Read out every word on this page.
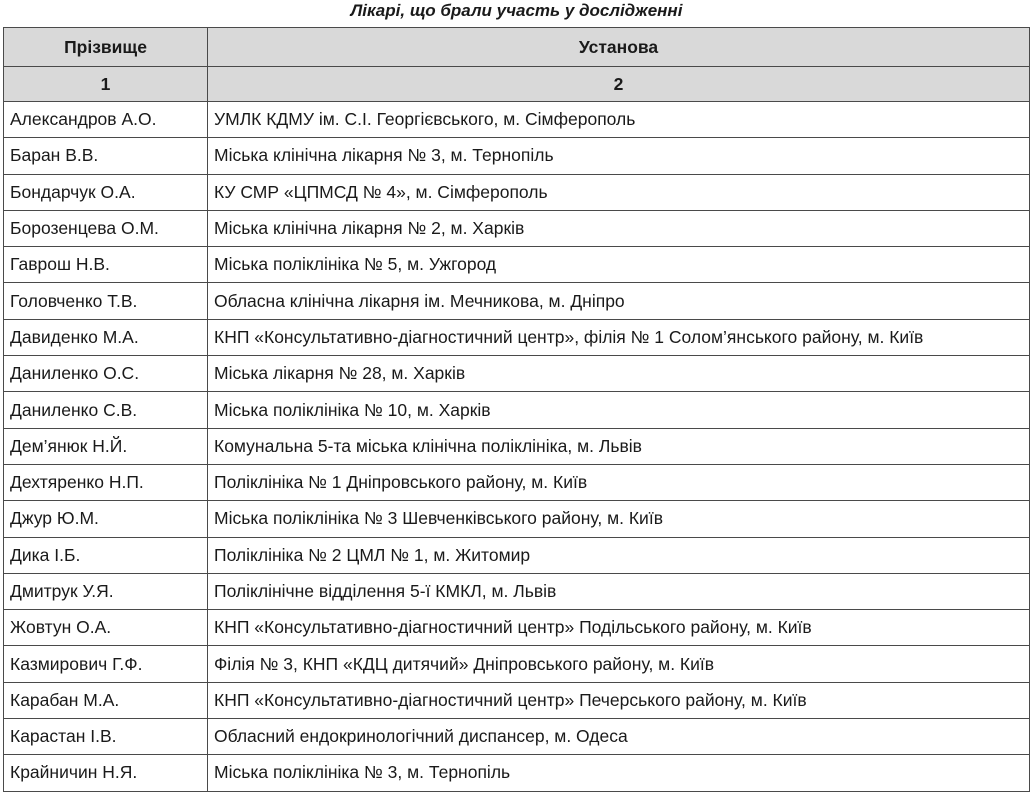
Лікарі, що брали участь у дослідженні
Прізвище	Установа
1	2
Александров А.О.	УМЛК КДМУ ім. С.І. Георгієвського, м. Сімферополь
Баран В.В.	Міська клінічна лікарня № 3, м. Тернопіль
Бондарчук О.А.	КУ СМР «ЦПМСД № 4», м. Сімферополь
Борозенцева О.М.	Міська клінічна лікарня № 2, м. Харків
Гаврош Н.В.	Міська поліклініка № 5, м. Ужгород
Головченко Т.В.	Обласна клінічна лікарня ім. Мечникова, м. Дніпро
Давиденко М.А.	КНП «Консультативно-діагностичний центр», філія № 1 Солом’янського району, м. Київ
Даниленко О.С.	Міська лікарня № 28, м. Харків
Даниленко С.В.	Міська поліклініка № 10, м. Харків
Дем’янюк Н.Й.	Комунальна 5-та міська клінічна поліклініка, м. Львів
Дехтяренко Н.П.	Поліклініка № 1 Дніпровського району, м. Київ
Джур Ю.М.	Міська поліклініка № 3 Шевченківського району, м. Київ
Дика І.Б.	Поліклініка № 2 ЦМЛ № 1, м. Житомир
Дмитрук У.Я.	Поліклінічне відділення 5-ї КМКЛ, м. Львів
Жовтун О.А.	КНП «Консультативно-діагностичний центр» Подільського району, м. Київ
Казмирович Г.Ф.	Філія № 3, КНП «КДЦ дитячий» Дніпровського району, м. Київ
Карабан М.А.	КНП «Консультативно-діагностичний центр» Печерського району, м. Київ
Карастан І.В.	Обласний ендокринологічний диспансер, м. Одеса
Крайничин Н.Я.	Міська поліклініка № 3, м. Тернопіль
